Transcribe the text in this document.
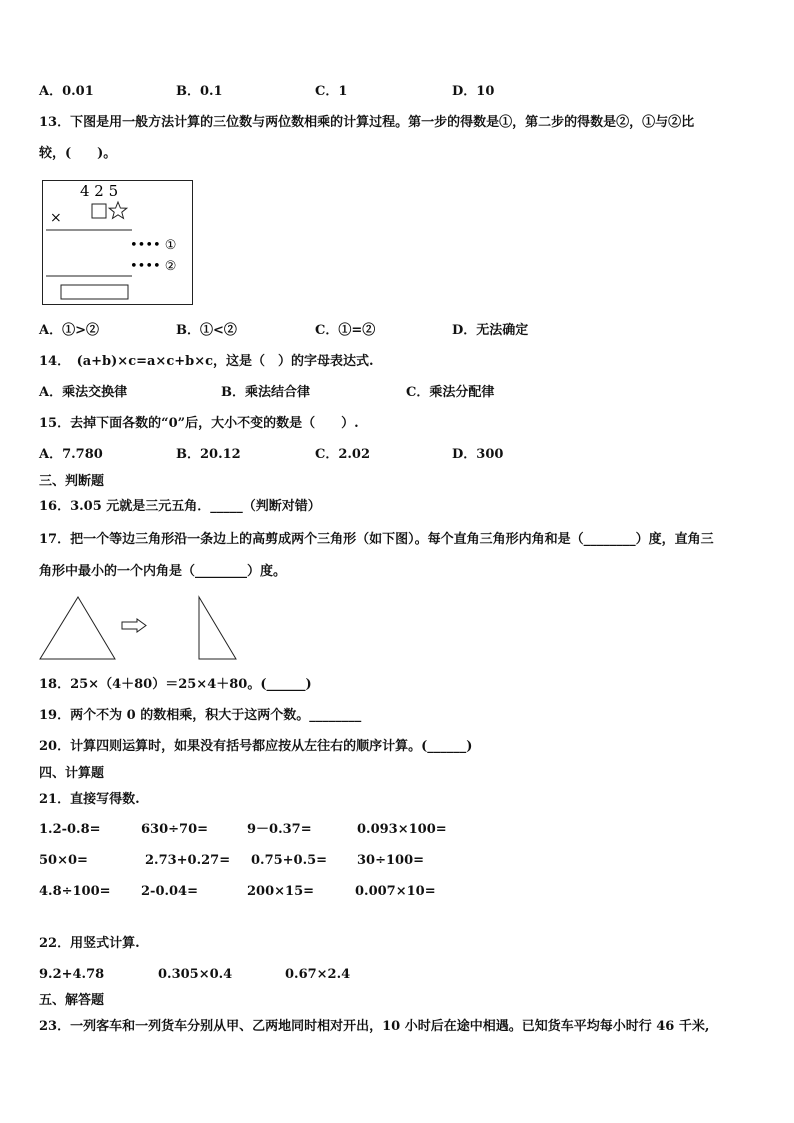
A．0.01	B．0.1	C．1	D．10
13．下图是用一般方法计算的三位数与两位数相乘的计算过程。第一步的得数是①，第二步的得数是②，①与②比
较，(　　)。
4 2 5
×
•••• ①
•••• ②
A．①>②	B．①<②	C．①=②	D．无法确定
14．　(a+b)×c=a×c+b×c，这是（　）的字母表达式.
A．乘法交换律	B．乘法结合律	C．乘法分配律
15．去掉下面各数的“0”后，大小不变的数是（　　）.
A．7.780	B．20.12	C．2.02	D．300
三、判断题
16．3.05 元就是三元五角．_____（判断对错）
17．把一个等边三角形沿一条边上的高剪成两个三角形（如下图）。每个直角三角形内角和是（________）度，直角三
角形中最小的一个内角是（________）度。
18．25×（4＋80）＝25×4＋80。(______)
19．两个不为 0 的数相乘，积大于这两个数。________
20．计算四则运算时，如果没有括号都应按从左往右的顺序计算。(______)
四、计算题
21．直接写得数.
1.2-0.8=	630÷70=	9－0.37=	0.093×100=
50×0=	2.73+0.27= 0.75+0.5= 30÷100=
4.8÷100= 2-0.04=	200×15=	0.007×10=
22．用竖式计算.
9.2+4.78	0.305×0.4	0.67×2.4
五、解答题
23．一列客车和一列货车分别从甲、乙两地同时相对开出，10 小时后在途中相遇。已知货车平均每小时行 46 千米,
